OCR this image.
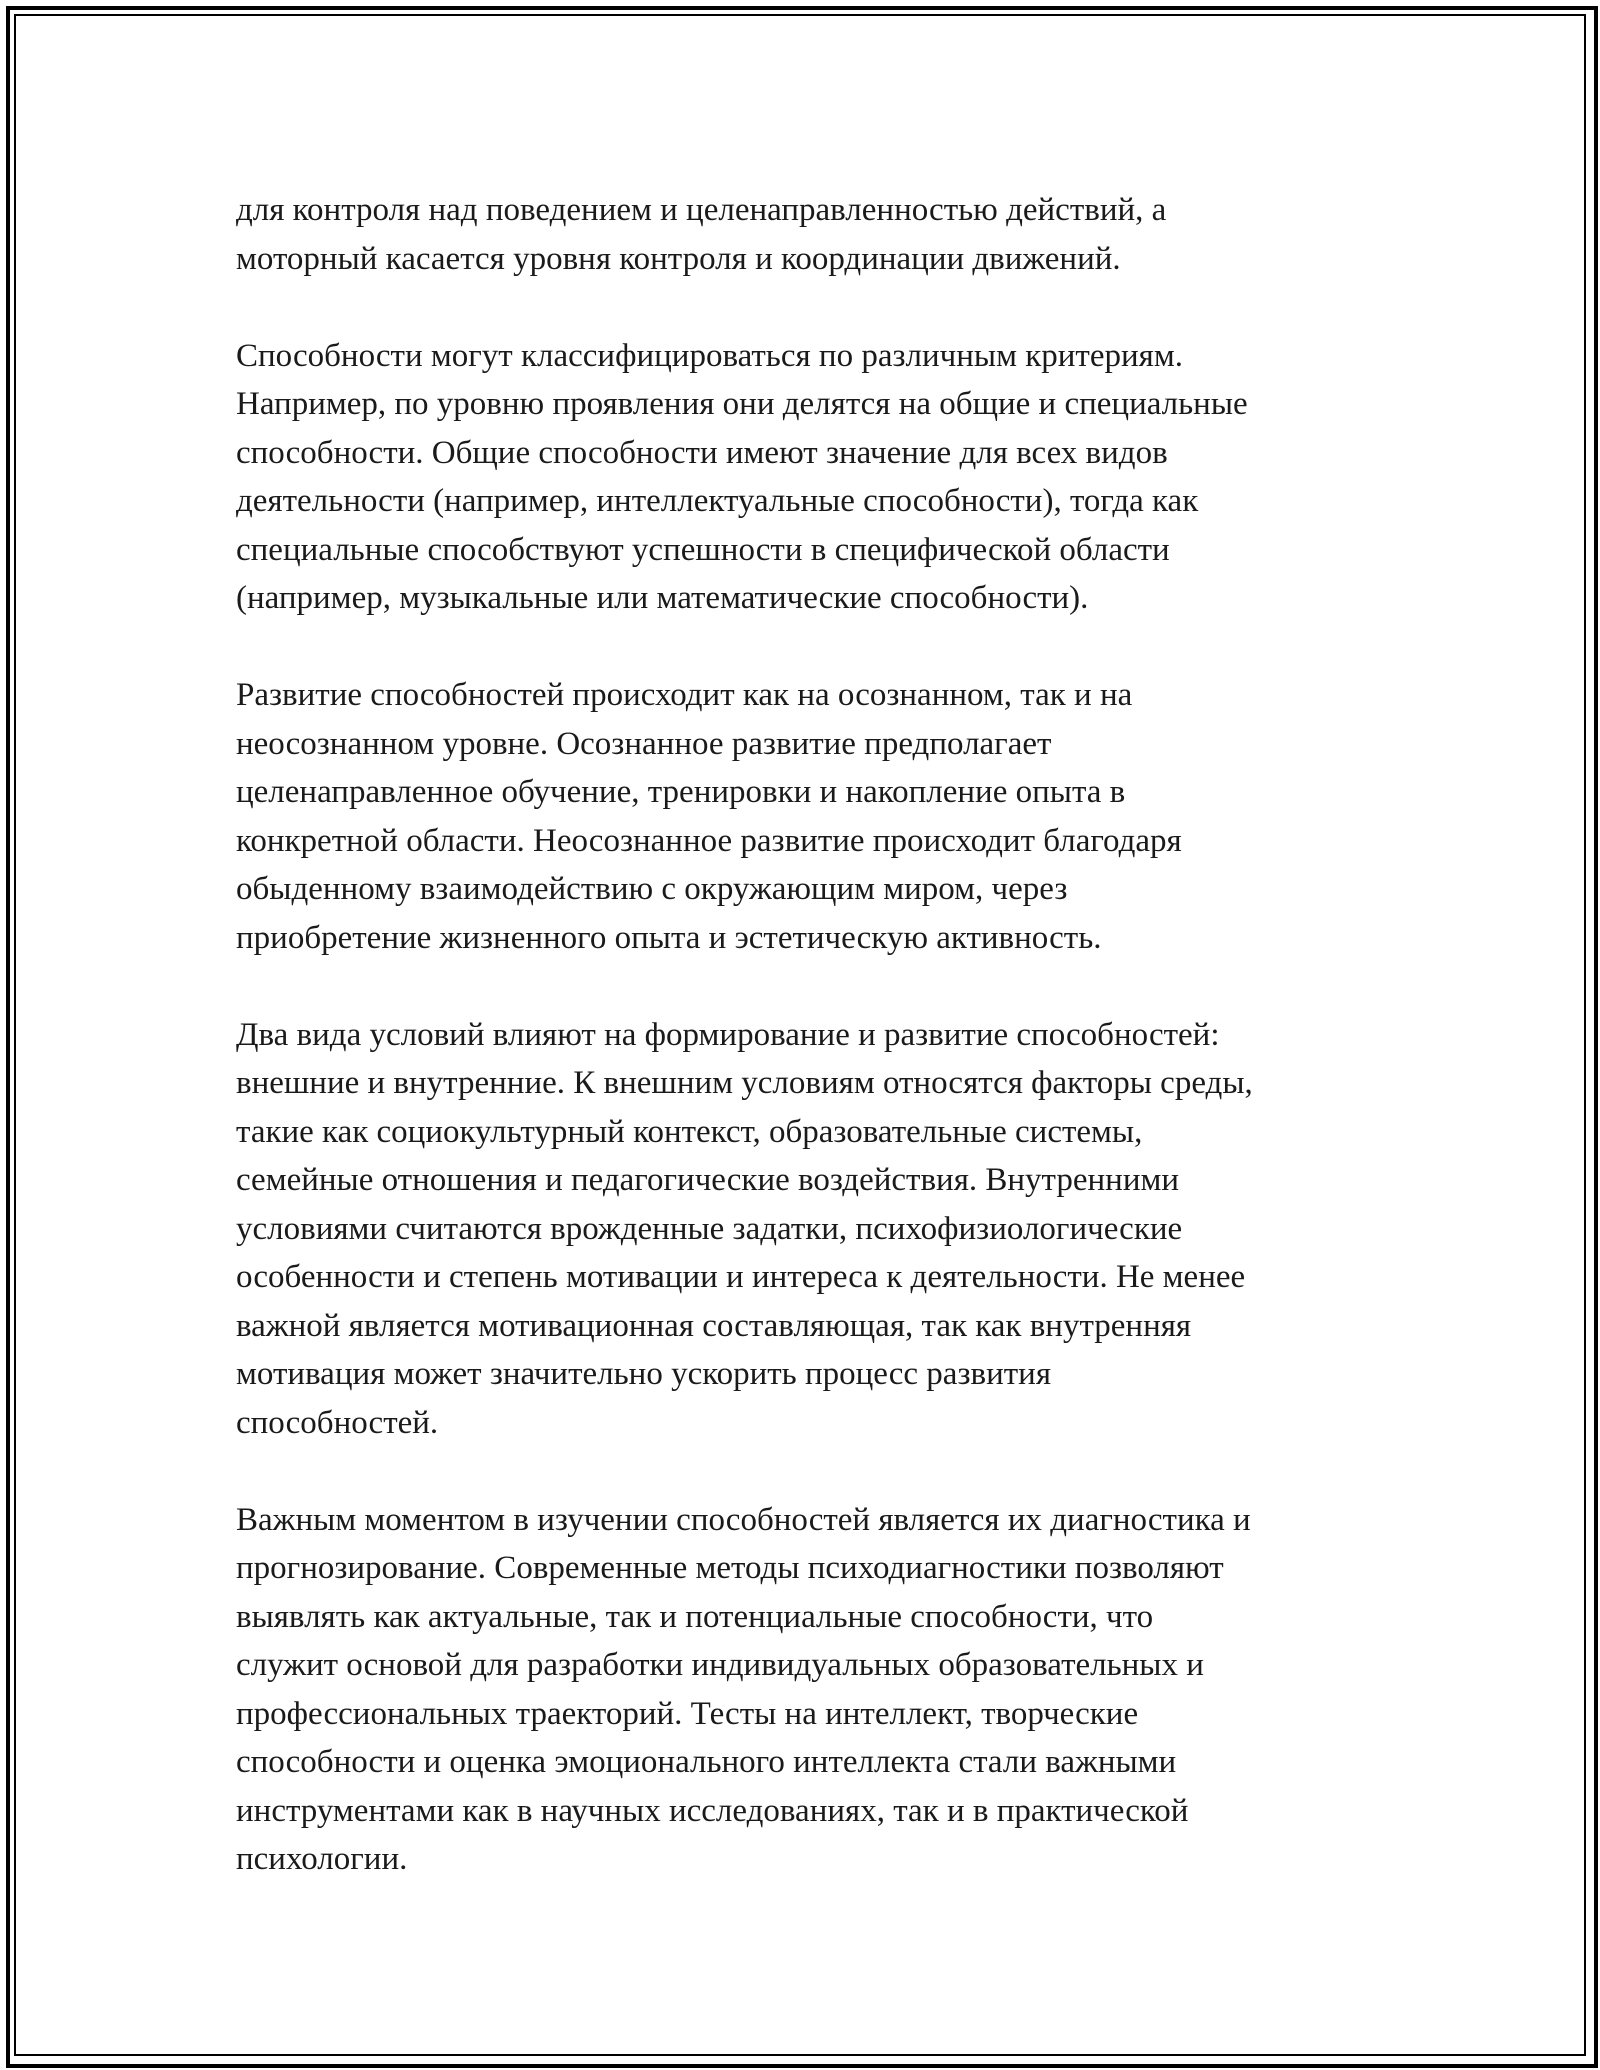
для контроля над поведением и целенаправленностью действий, а
моторный касается уровня контроля и координации движений.

Способности могут классифицироваться по различным критериям.
Например, по уровню проявления они делятся на общие и специальные
способности. Общие способности имеют значение для всех видов
деятельности (например, интеллектуальные способности), тогда как
специальные способствуют успешности в специфической области
(например, музыкальные или математические способности).

Развитие способностей происходит как на осознанном, так и на
неосознанном уровне. Осознанное развитие предполагает
целенаправленное обучение, тренировки и накопление опыта в
конкретной области. Неосознанное развитие происходит благодаря
обыденному взаимодействию с окружающим миром, через
приобретение жизненного опыта и эстетическую активность.

Два вида условий влияют на формирование и развитие способностей:
внешние и внутренние. К внешним условиям относятся факторы среды,
такие как социокультурный контекст, образовательные системы,
семейные отношения и педагогические воздействия. Внутренними
условиями считаются врожденные задатки, психофизиологические
особенности и степень мотивации и интереса к деятельности. Не менее
важной является мотивационная составляющая, так как внутренняя
мотивация может значительно ускорить процесс развития
способностей.

Важным моментом в изучении способностей является их диагностика и
прогнозирование. Современные методы психодиагностики позволяют
выявлять как актуальные, так и потенциальные способности, что
служит основой для разработки индивидуальных образовательных и
профессиональных траекторий. Тесты на интеллект, творческие
способности и оценка эмоционального интеллекта стали важными
инструментами как в научных исследованиях, так и в практической
психологии.
